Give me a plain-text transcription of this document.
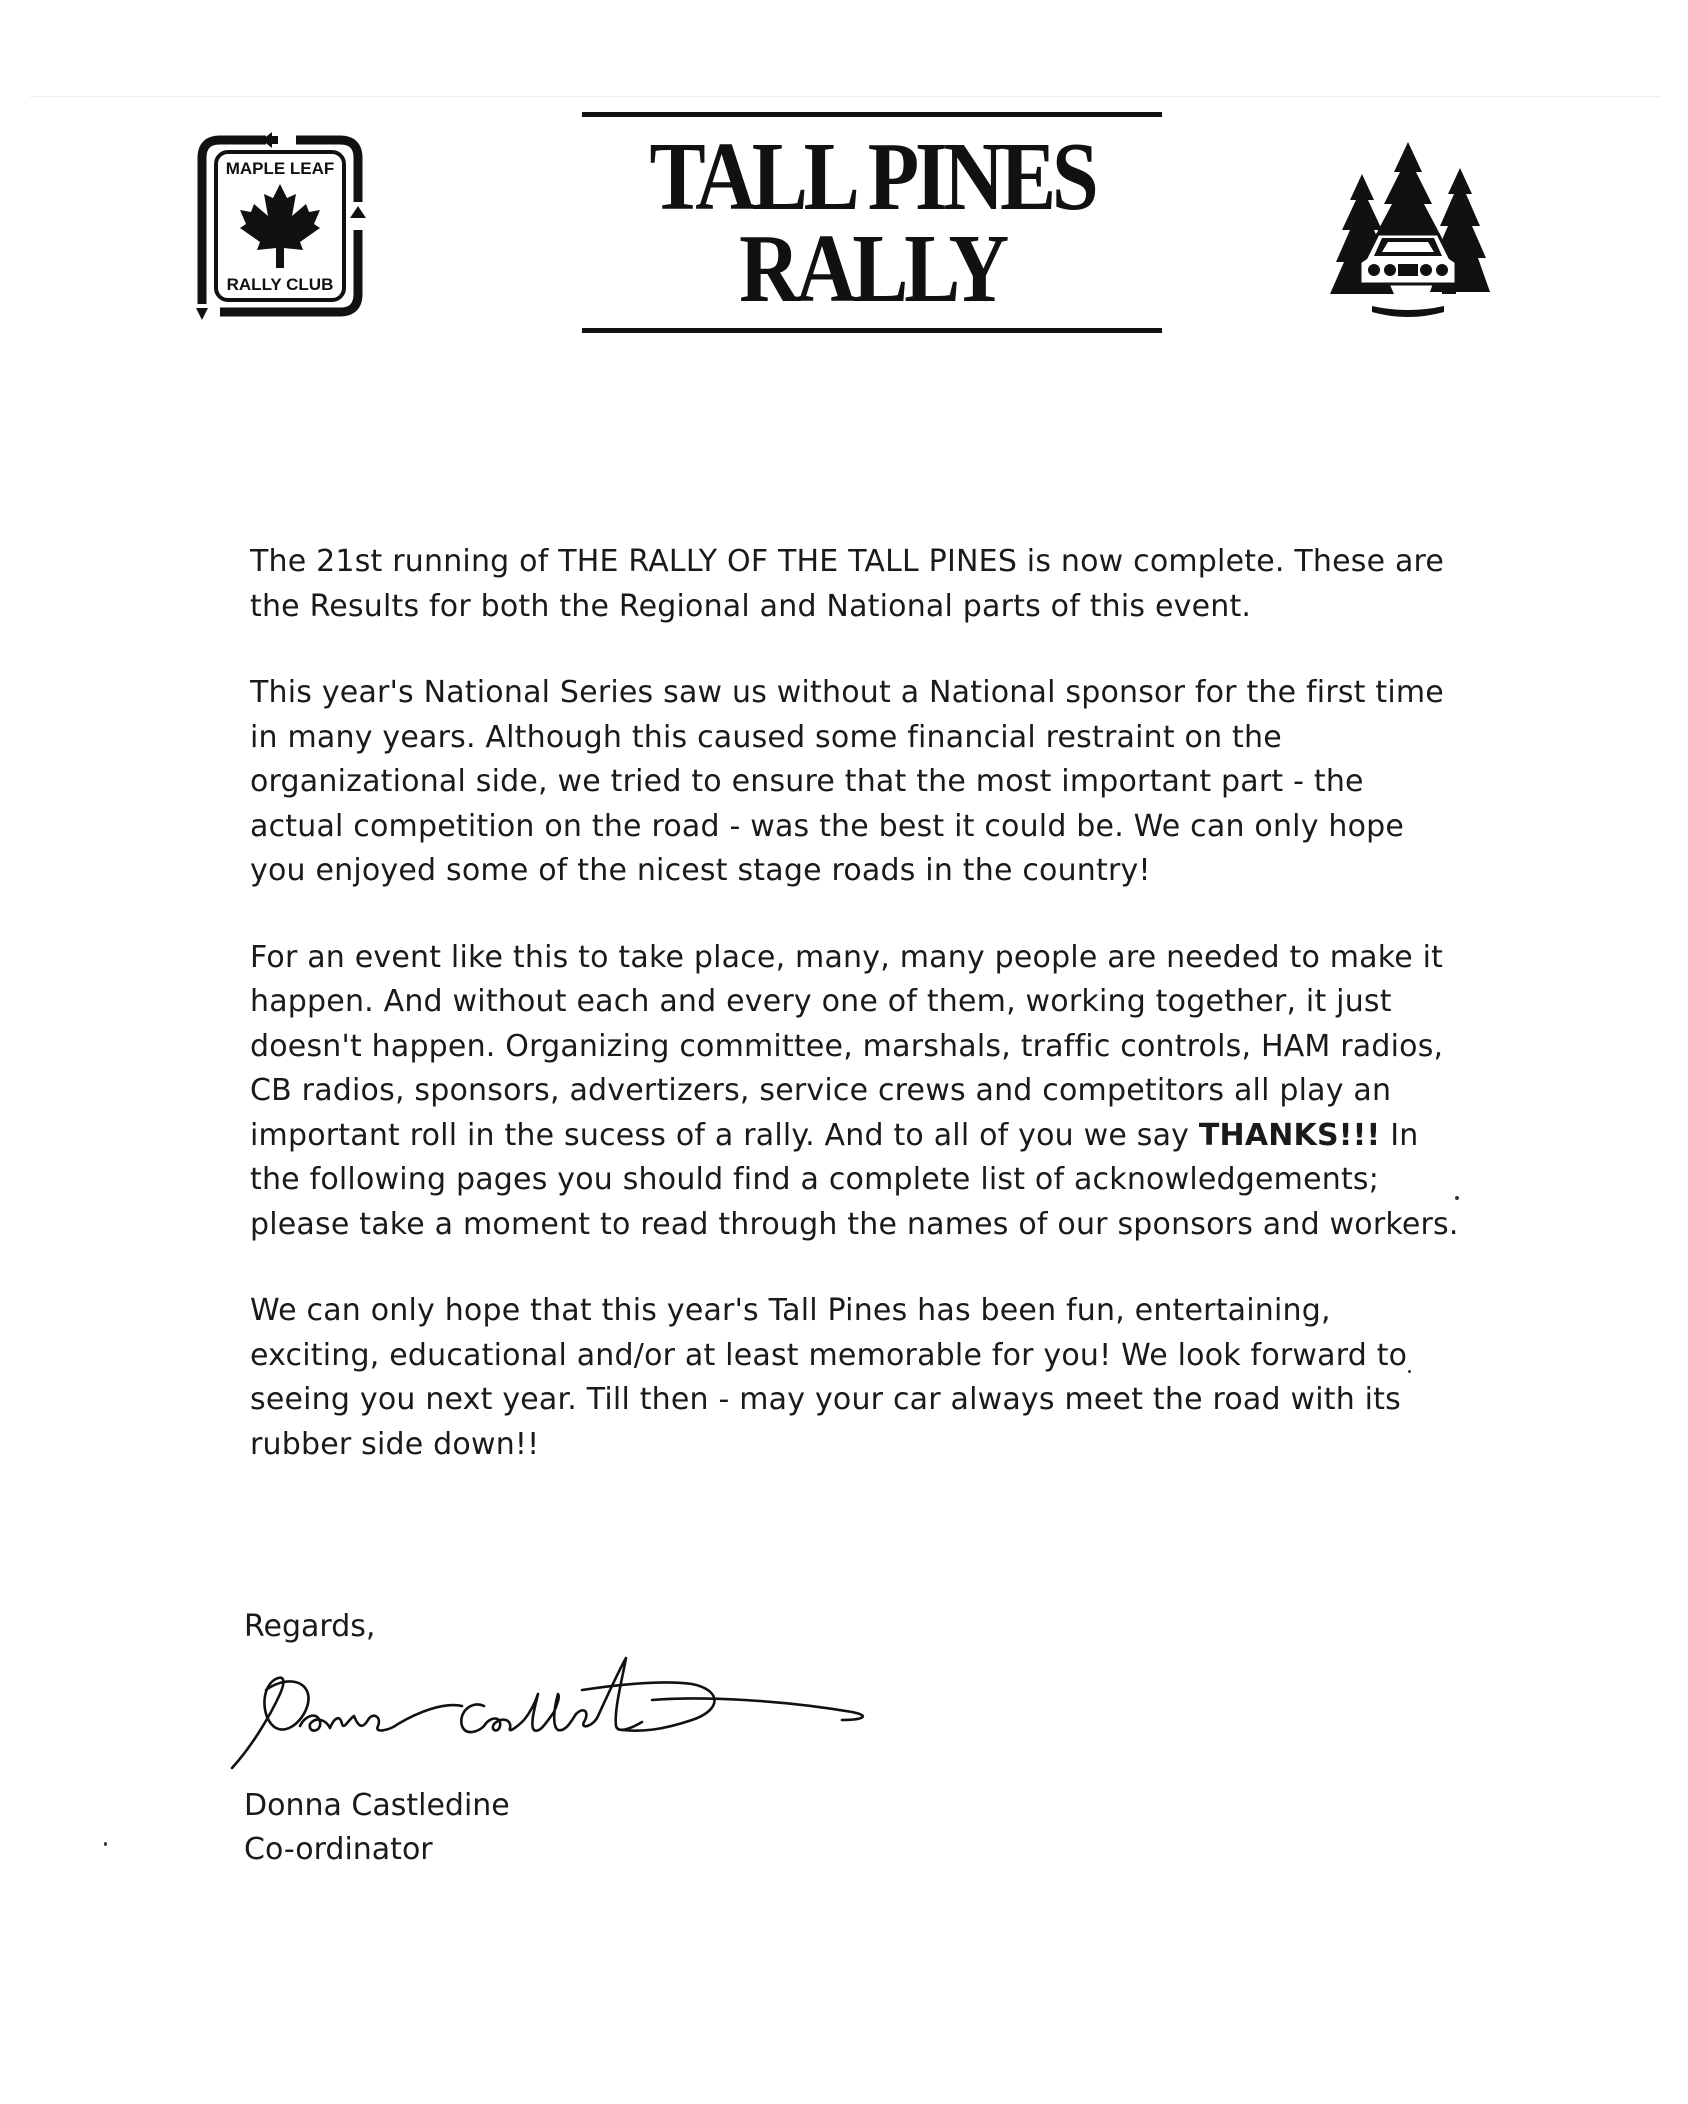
MAPLE LEAF
RALLY CLUB
TALL PINES
RALLY

The 21st running of THE RALLY OF THE TALL PINES is now complete. These are the Results for both the Regional and National parts of this event.

This year's National Series saw us without a National sponsor for the first time in many years. Although this caused some financial restraint on the organizational side, we tried to ensure that the most important part - the actual competition on the road - was the best it could be. We can only hope you enjoyed some of the nicest stage roads in the country!

For an event like this to take place, many, many people are needed to make it happen. And without each and every one of them, working together, it just doesn't happen. Organizing committee, marshals, traffic controls, HAM radios, CB radios, sponsors, advertizers, service crews and competitors all play an important roll in the sucess of a rally. And to all of you we say THANKS!!! In the following pages you should find a complete list of acknowledgements; please take a moment to read through the names of our sponsors and workers.

We can only hope that this year's Tall Pines has been fun, entertaining, exciting, educational and/or at least memorable for you! We look forward to seeing you next year. Till then - may your car always meet the road with its rubber side down!!

Regards,
Donna Castledine
Co-ordinator
